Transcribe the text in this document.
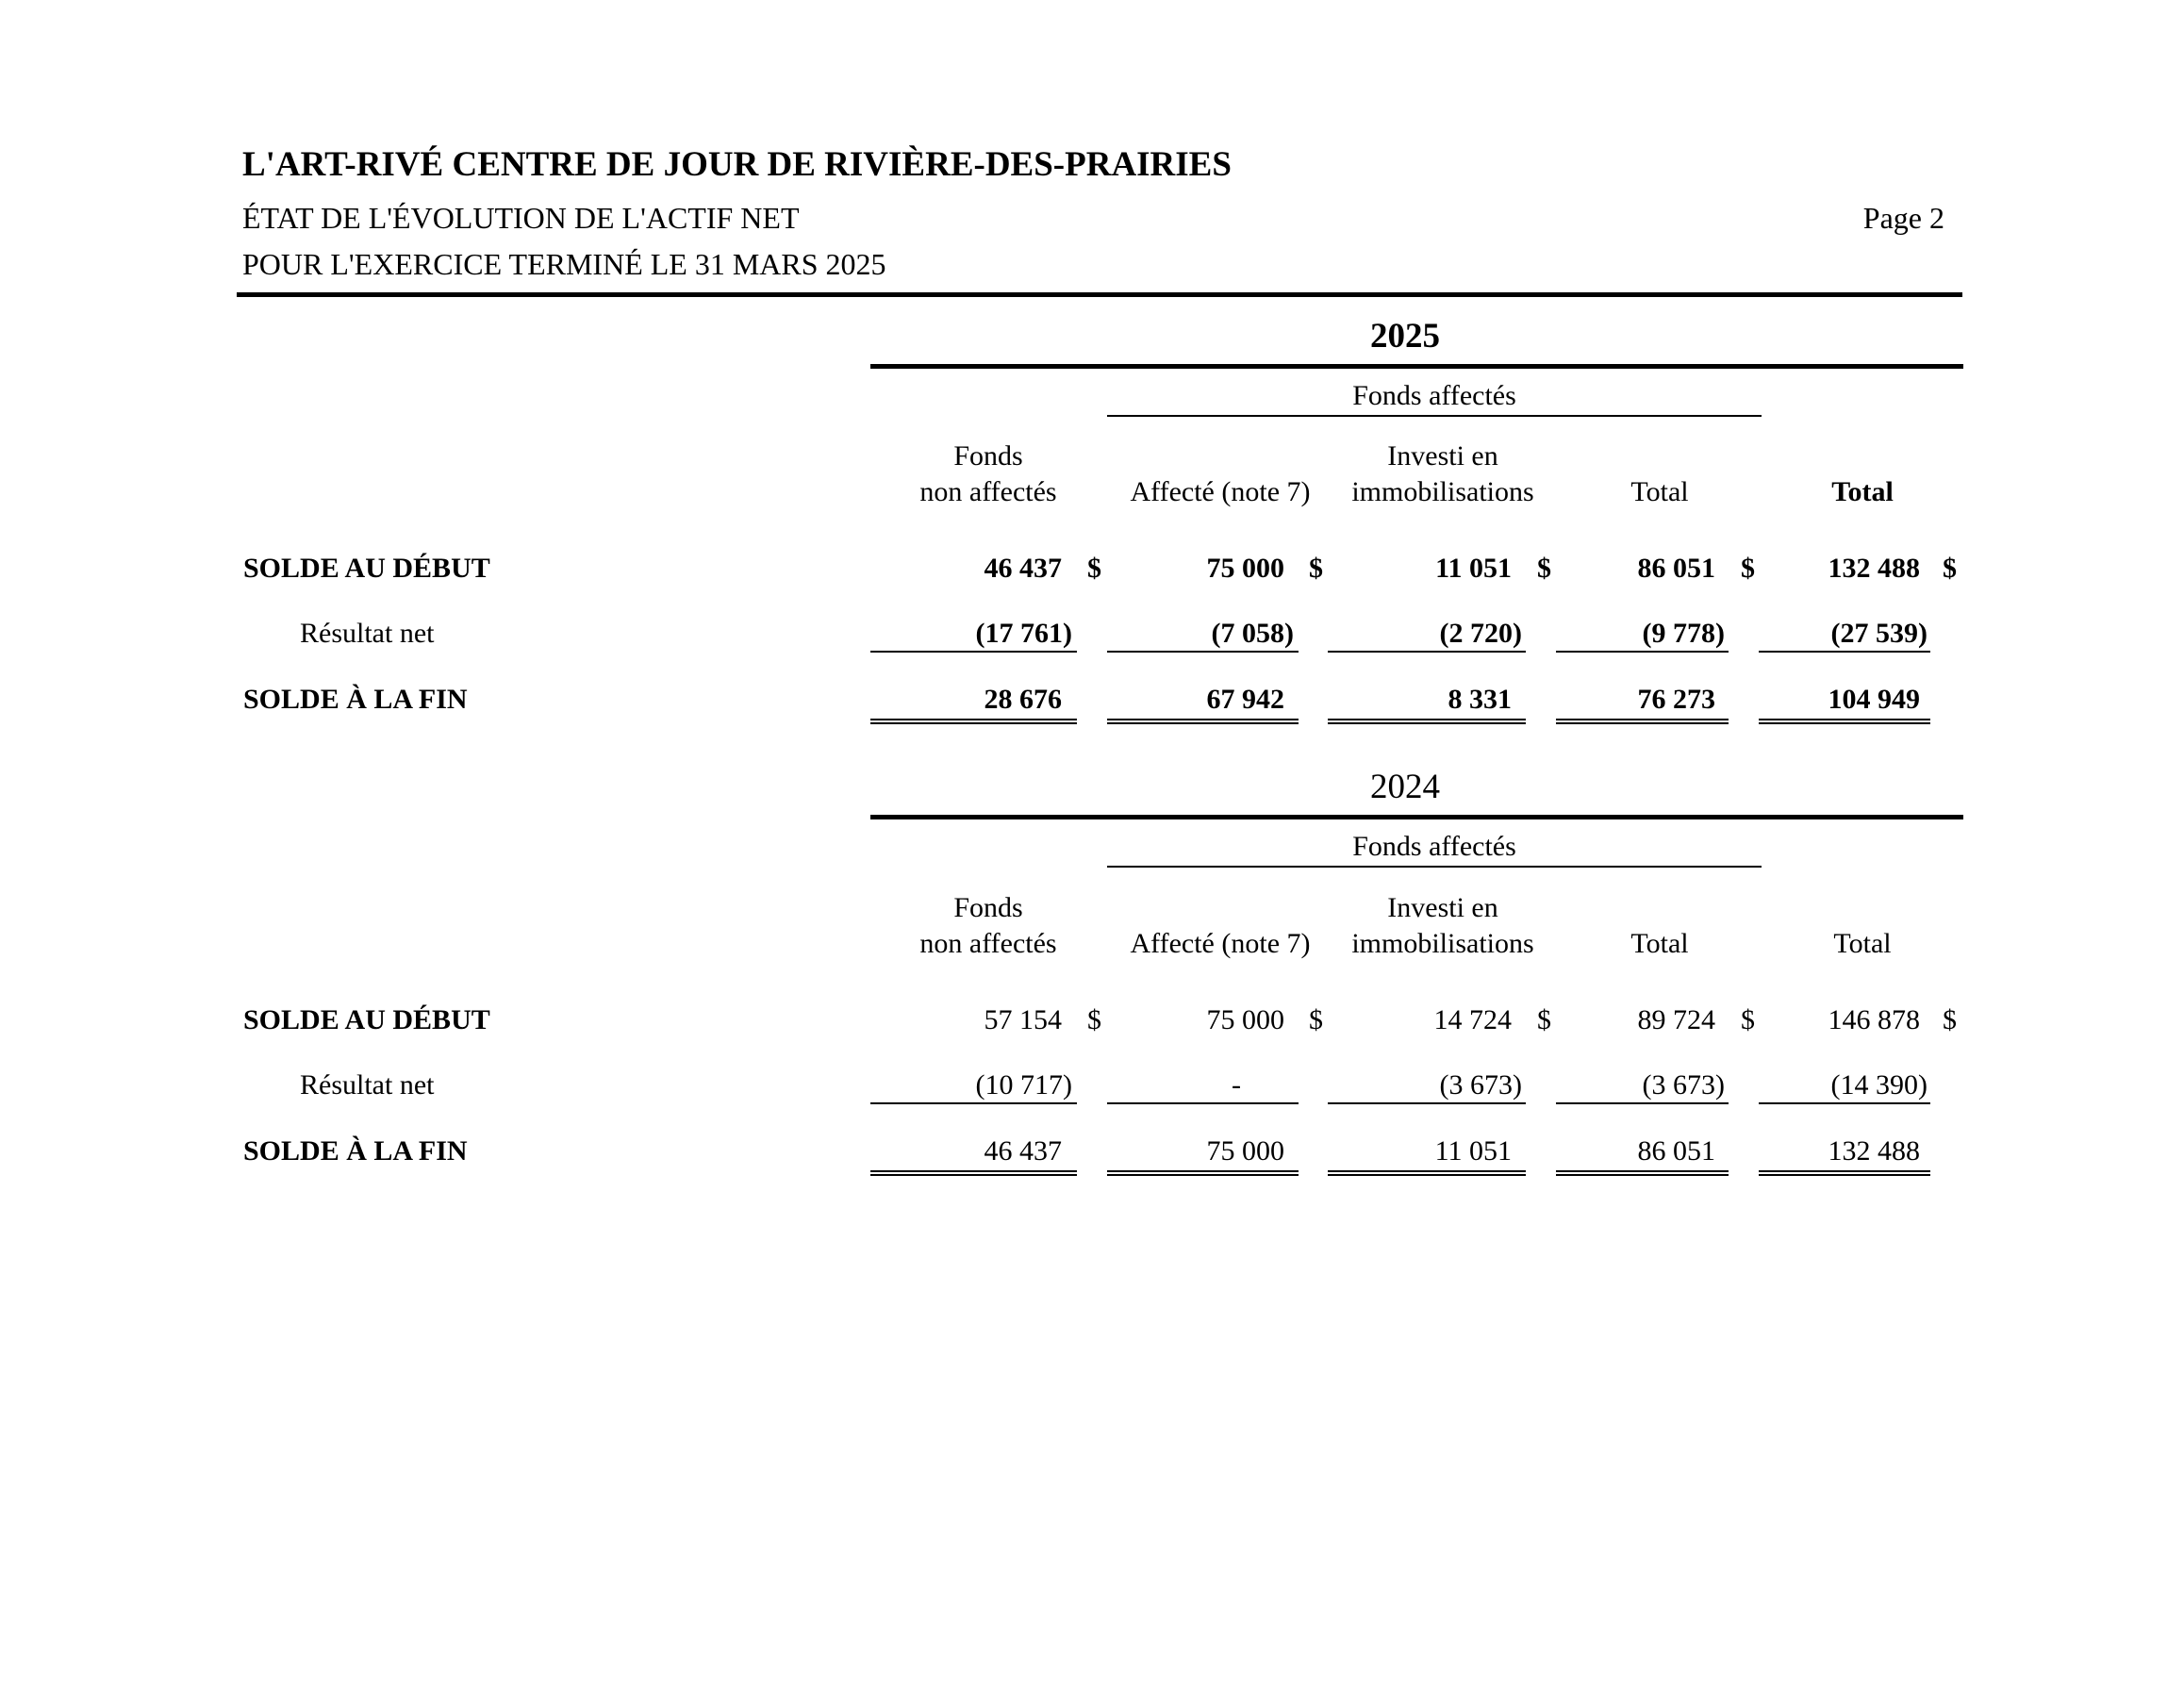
L'ART-RIVÉ CENTRE DE JOUR DE RIVIÈRE-DES-PRAIRIES
ÉTAT DE L'ÉVOLUTION DE L'ACTIF NET
POUR L'EXERCICE TERMINÉ LE 31 MARS 2025
Page 2
2025
Fonds affectés
Fonds
non affectés	Affecté (note 7)
Investi en
immobilisations	Total	Total
SOLDE AU DÉBUT	46 437 $	75 000 $	11 051 $	86 051 $	132 488 $
Résultat net	(17 761)	(7 058)	(2 720)	(9 778)	(27 539)
SOLDE À LA FIN	28 676	67 942	8 331	76 273	104 949
2024
Fonds affectés
Fonds
non affectés	Affecté (note 7)
Investi en
immobilisations	Total	Total
SOLDE AU DÉBUT	57 154 $	75 000 $	14 724 $	89 724 $	146 878 $
Résultat net	(10 717)	-	(3 673)	(3 673)	(14 390)
SOLDE À LA FIN	46 437	75 000	11 051	86 051	132 488
